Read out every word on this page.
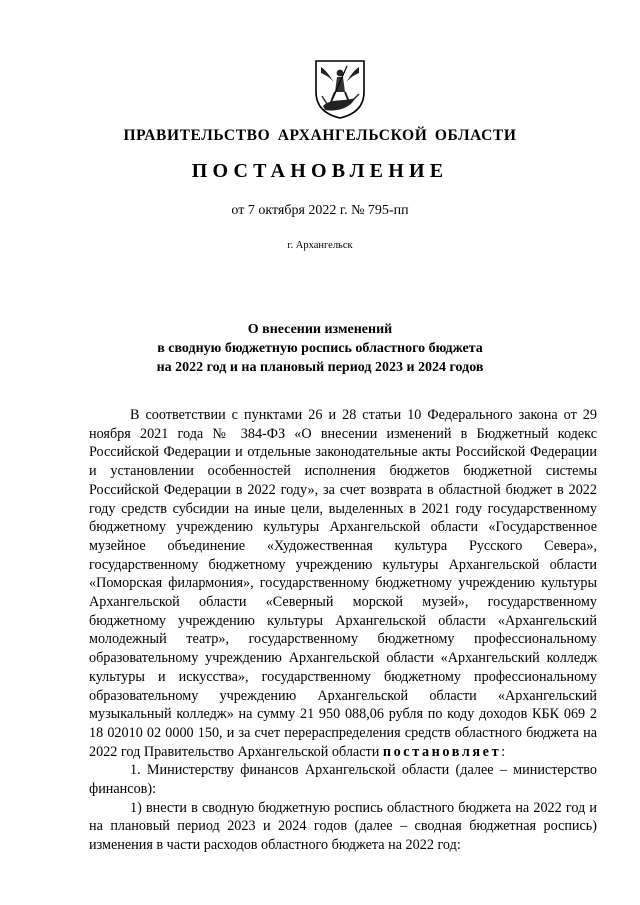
ПРАВИТЕЛЬСТВО АРХАНГЕЛЬСКОЙ ОБЛАСТИ
ПОСТАНОВЛЕНИЕ
от 7 октября 2022 г. № 795-пп
г. Архангельск
О внесении изменений
в сводную бюджетную роспись областного бюджета
на 2022 год и на плановый период 2023 и 2024 годов

В соответствии с пунктами 26 и 28 статьи 10 Федерального закона от 29 ноября 2021 года № 384-ФЗ «О внесении изменений в Бюджетный кодекс Российской Федерации и отдельные законодательные акты Российской Федерации и установлении особенностей исполнения бюджетов бюджетной системы Российской Федерации в 2022 году», за счет возврата в областной бюджет в 2022 году средств субсидии на иные цели, выделенных в 2021 году государственному бюджетному учреждению культуры Архангельской области «Государственное музейное объединение «Художественная культура Русского Севера», государственному бюджетному учреждению культуры Архангельской области «Поморская филармония», государственному бюджетному учреждению культуры Архангельской области «Северный морской музей», государственному бюджетному учреждению культуры Архангельской области «Архангельский молодежный театр», государственному бюджетному профессиональному образовательному учреждению Архангельской области «Архангельский колледж культуры и искусства», государственному бюджетному профессиональному образовательному учреждению Архангельской области «Архангельский музыкальный колледж» на сумму 21 950 088,06 рубля по коду доходов КБК 069 2 18 02010 02 0000 150, и за счет перераспределения средств областного бюджета на 2022 год Правительство Архангельской области постановляет:

1. Министерству финансов Архангельской области (далее – министерство финансов):

1) внести в сводную бюджетную роспись областного бюджета на 2022 год и на плановый период 2023 и 2024 годов (далее – сводная бюджетная роспись) изменения в части расходов областного бюджета на 2022 год:
